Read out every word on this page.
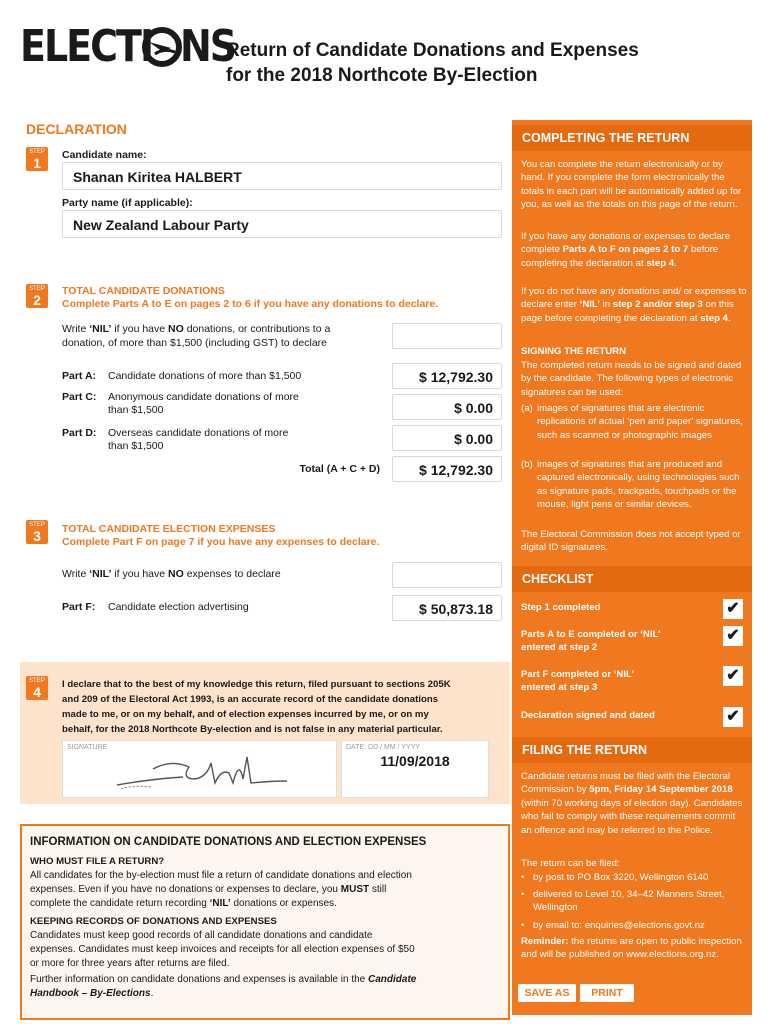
ELECTI NS
Return of Candidate Donations and Expenses
for the 2018 Northcote By-Election
DECLARATION
STEP
1	Candidate name:
Shanan Kiritea HALBERT
Party name (if applicable):
New Zealand Labour Party
STEP
2
TOTAL CANDIDATE DONATIONS
Complete Parts A to E on pages 2 to 6 if you have any donations to declare.
Write ‘NIL’ if you have NO donations, or contributions to a
donation, of more than $1,500 (including GST) to declare
Part A: Candidate donations of more than $1,500	$ 12,792.30
Part C: Anonymous candidate donations of more
than $1,500	$ 0.00
Part D: Overseas candidate donations of more
than $1,500	$ 0.00
Total (A + C + D)	$ 12,792.30
STEP
3	TOTAL CANDIDATE ELECTION EXPENSES
Complete Part F on page 7 if you have any expenses to declare.
Write ‘NIL’ if you have NO expenses to declare
Part F: Candidate election advertising	$ 50,873.18
STEP
4	I declare that to the best of my knowledge this return, filed pursuant to sections 205K
and 209 of the Electoral Act 1993, is an accurate record of the candidate donations
made to me, or on my behalf, and of election expenses incurred by me, or on my
behalf, for the 2018 Northcote By-election and is not false in any material particular.
SIGNATURE	DATE: DD / MM / YYYY
11/09/2018
INFORMATION ON CANDIDATE DONATIONS AND ELECTION EXPENSES
WHO MUST FILE A RETURN?
All candidates for the by-election must file a return of candidate donations and election
expenses. Even if you have no donations or expenses to declare, you MUST still
complete the candidate return recording ‘NIL’ donations or expenses.
KEEPING RECORDS OF DONATIONS AND EXPENSES
Candidates must keep good records of all candidate donations and candidate
expenses. Candidates must keep invoices and receipts for all election expenses of $50
or more for three years after returns are filed.
Further information on candidate donations and expenses is available in the Candidate
Handbook – By-Elections.
COMPLETING THE RETURN
You can complete the return electronically or by hand. If you complete the form electronically the totals in each part will be automatically added up for you, as well as the totals on this page of the return.
If you have any donations or expenses to declare complete Parts A to F on pages 2 to 7 before completing the declaration at step 4.
If you do not have any donations and/ or expenses to declare enter ‘NIL’ in step 2 and/or step 3 on this page before completing the declaration at step 4.
SIGNING THE RETURN
The completed return needs to be signed and dated by the candidate. The following types of electronic signatures can be used:
(a) images of signatures that are electronic replications of actual ‘pen and paper’ signatures, such as scanned or photographic images
(b) images of signatures that are produced and captured electronically, using technologies such as signature pads, trackpads, touchpads or the mouse, light pens or similar devices.
The Electoral Commission does not accept typed or digital ID signatures.
CHECKLIST
Step 1 completed	✔
Parts A to E completed or ‘NIL’
entered at step 2
✔
Part F completed or ‘NIL’
entered at step 3
✔
Declaration signed and dated	✔
FILING THE RETURN
Candidate returns must be filed with the Electoral Commission by 5pm, Friday 14 September 2018 (within 70 working days of election day). Candidates who fail to comply with these requirements commit an offence and may be referred to the Police.
The return can be filed:
• by post to PO Box 3220, Wellington 6140
• delivered to Level 10, 34–42 Manners Street, Wellington
• by email to: enquiries@elections.govt.nz
Reminder: the returns are open to public inspection and will be published on www.elections.org.nz.
SAVE AS	PRINT
